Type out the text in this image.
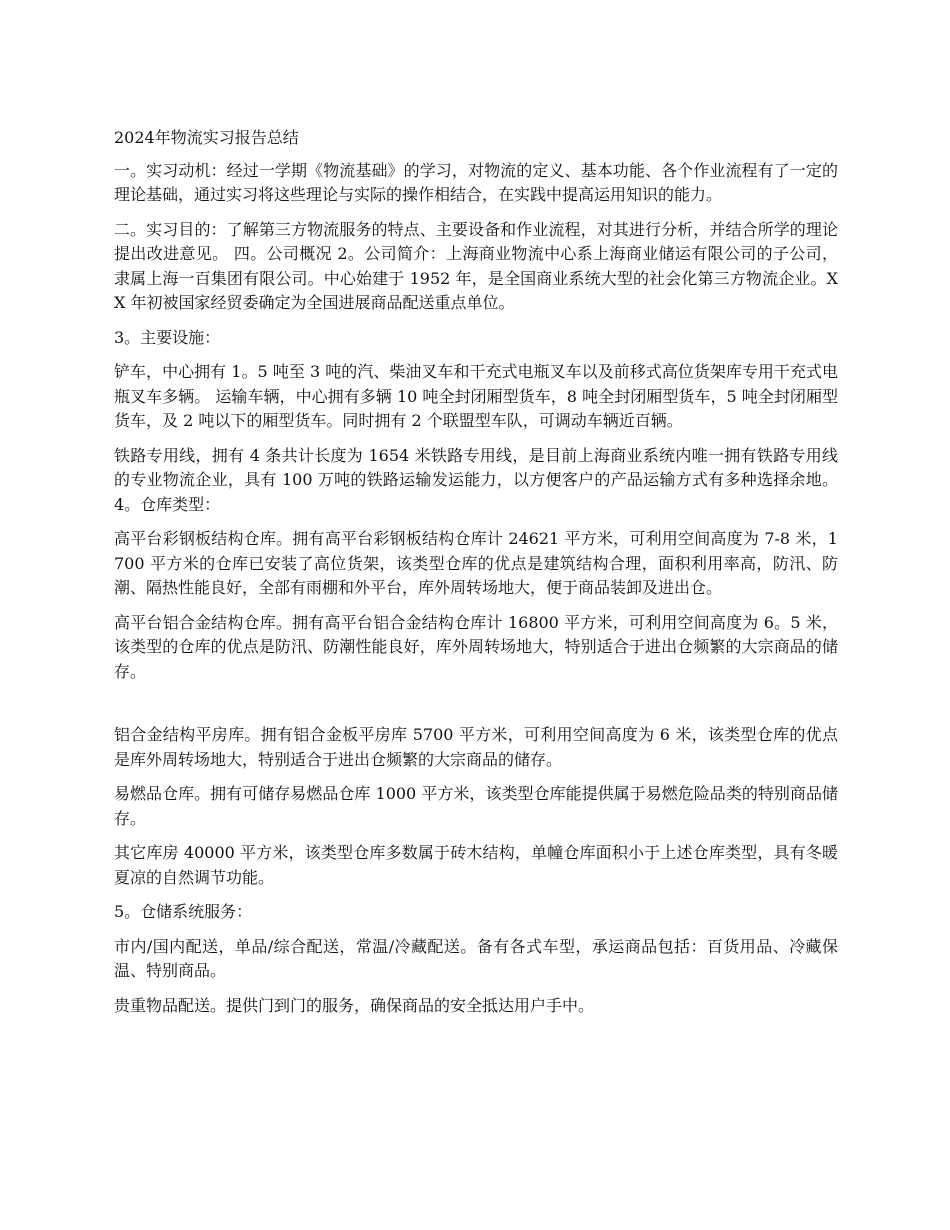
2024年物流实习报告总结

一。实习动机：经过一学期《物流基础》的学习，对物流的定义、基本功能、各个作业流程有了一定的理论基础，通过实习将这些理论与实际的操作相结合，在实践中提高运用知识的能力。

二。实习目的：了解第三方物流服务的特点、主要设备和作业流程，对其进行分析，并结合所学的理论提出改进意见。 四。公司概况 2。公司简介：上海商业物流中心系上海商业储运有限公司的子公司，隶属上海一百集团有限公司。中心始建于 1952 年，是全国商业系统大型的社会化第三方物流企业。XX 年初被国家经贸委确定为全国进展商品配送重点单位。

3。主要设施：

铲车，中心拥有 1。5 吨至 3 吨的汽、柴油叉车和干充式电瓶叉车以及前移式高位货架库专用干充式电瓶叉车多辆。 运输车辆，中心拥有多辆 10 吨全封闭厢型货车，8 吨全封闭厢型货车，5 吨全封闭厢型货车，及 2 吨以下的厢型货车。同时拥有 2 个联盟型车队，可调动车辆近百辆。

铁路专用线，拥有 4 条共计长度为 1654 米铁路专用线，是目前上海商业系统内唯一拥有铁路专用线的专业物流企业，具有 100 万吨的铁路运输发运能力，以方便客户的产品运输方式有多种选择余地。 4。仓库类型：

高平台彩钢板结构仓库。拥有高平台彩钢板结构仓库计 24621 平方米，可利用空间高度为 7-8 米，1700 平方米的仓库已安装了高位货架，该类型仓库的优点是建筑结构合理，面积利用率高，防汛、防潮、隔热性能良好，全部有雨棚和外平台，库外周转场地大，便于商品装卸及进出仓。

高平台铝合金结构仓库。拥有高平台铝合金结构仓库计 16800 平方米，可利用空间高度为 6。5 米，该类型的仓库的优点是防汛、防潮性能良好，库外周转场地大，特别适合于进出仓频繁的大宗商品的储存。

铝合金结构平房库。拥有铝合金板平房库 5700 平方米，可利用空间高度为 6 米，该类型仓库的优点是库外周转场地大，特别适合于进出仓频繁的大宗商品的储存。

易燃品仓库。拥有可储存易燃品仓库 1000 平方米，该类型仓库能提供属于易燃危险品类的特别商品储存。

其它库房 40000 平方米，该类型仓库多数属于砖木结构，单幢仓库面积小于上述仓库类型，具有冬暖夏凉的自然调节功能。

5。仓储系统服务：

市内/国内配送，单品/综合配送，常温/冷藏配送。备有各式车型，承运商品包括：百货用品、冷藏保温、特别商品。

贵重物品配送。提供门到门的服务，确保商品的安全抵达用户手中。
